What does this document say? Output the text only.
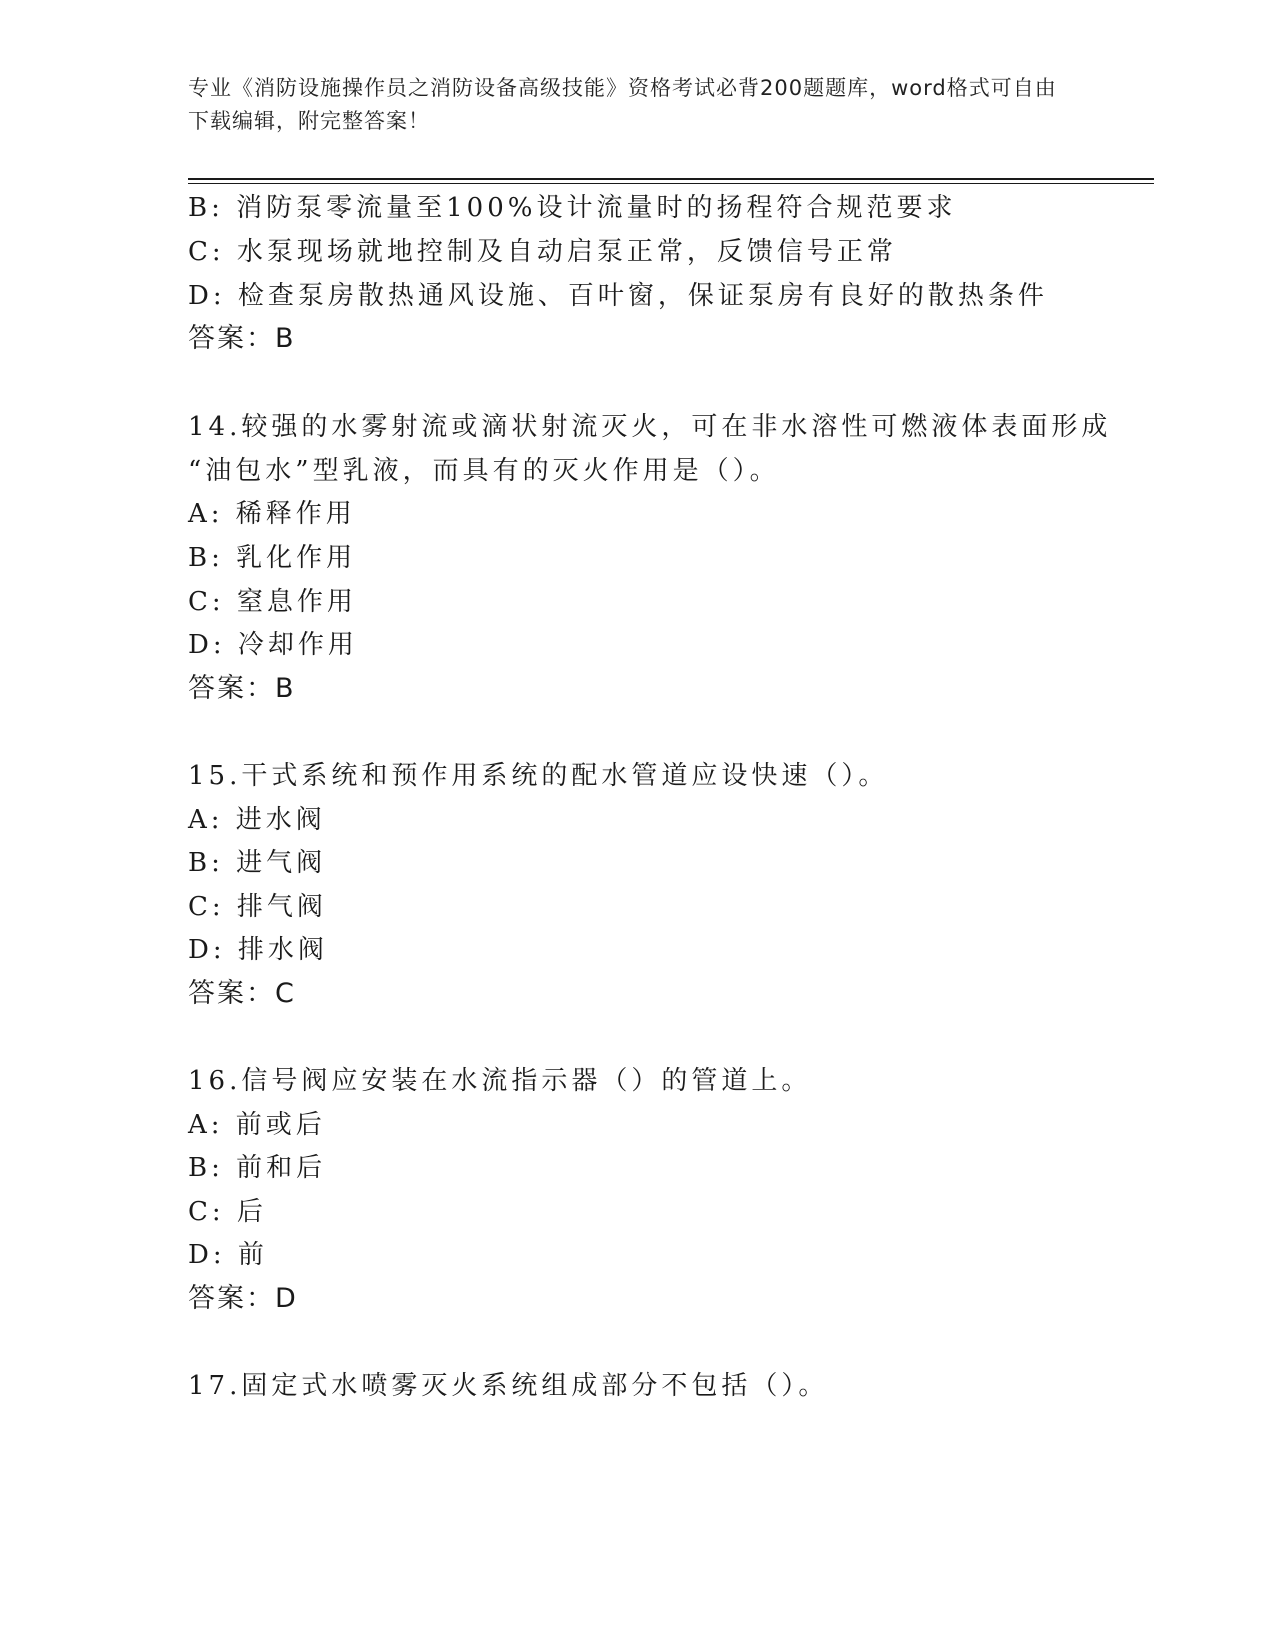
专业《消防设施操作员之消防设备高级技能》资格考试必背200题题库，word格式可自由下载编辑，附完整答案！
B: 消防泵零流量至100%设计流量时的扬程符合规范要求
C: 水泵现场就地控制及自动启泵正常，反馈信号正常
D: 检查泵房散热通风设施、百叶窗，保证泵房有良好的散热条件
答案：B
14.较强的水雾射流或滴状射流灭火，可在非水溶性可燃液体表面形成
“油包水”型乳液，而具有的灭火作用是（）。
A: 稀释作用
B: 乳化作用
C: 窒息作用
D: 冷却作用
答案：B
15.干式系统和预作用系统的配水管道应设快速（）。
A: 进水阀
B: 进气阀
C: 排气阀
D: 排水阀
答案：C
16.信号阀应安装在水流指示器（）的管道上。
A: 前或后
B: 前和后
C: 后
D: 前
答案：D
17.固定式水喷雾灭火系统组成部分不包括（）。
